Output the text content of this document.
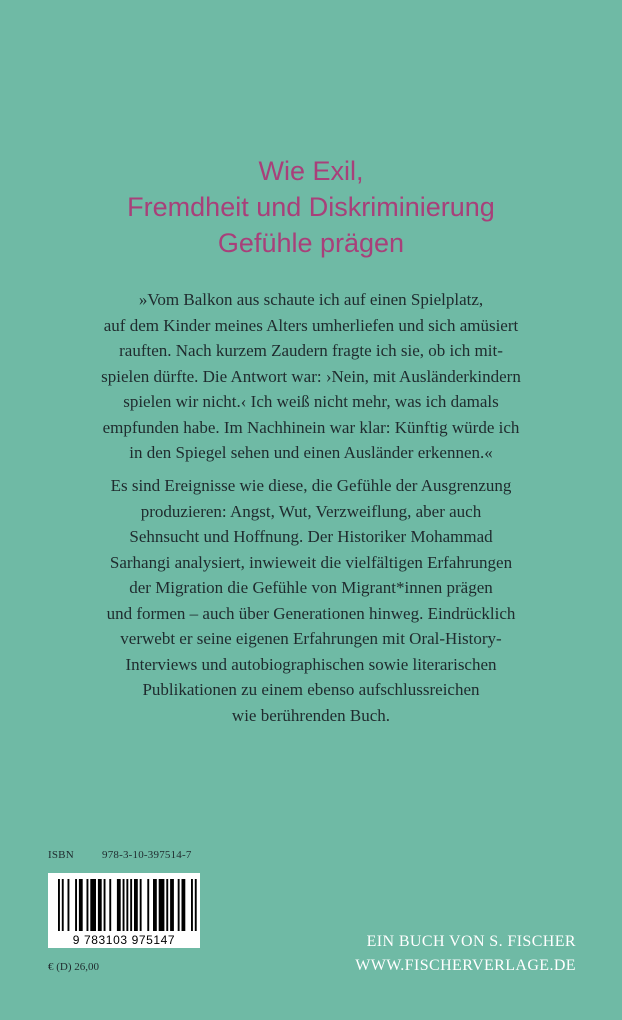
Wie Exil,
Fremdheit und Diskriminierung
Gefühle prägen
»Vom Balkon aus schaute ich auf einen Spielplatz,
auf dem Kinder meines Alters umherliefen und sich amüsiert
rauften. Nach kurzem Zaudern fragte ich sie, ob ich mit-
spielen dürfte. Die Antwort war: ›Nein, mit Ausländerkindern
spielen wir nicht.‹ Ich weiß nicht mehr, was ich damals
empfunden habe. Im Nachhinein war klar: Künftig würde ich
in den Spiegel sehen und einen Ausländer erkennen.«
Es sind Ereignisse wie diese, die Gefühle der Ausgrenzung
produzieren: Angst, Wut, Verzweiflung, aber auch
Sehnsucht und Hoffnung. Der Historiker Mohammad
Sarhangi analysiert, inwieweit die vielfältigen Erfahrungen
der Migration die Gefühle von Migrant*innen prägen
und formen – auch über Generationen hinweg. Eindrücklich
verwebt er seine eigenen Erfahrungen mit Oral-History-
Interviews und autobiographischen sowie literarischen
Publikationen zu einem ebenso aufschlussreichen
wie berührenden Buch.
ISBN	978-3-10-397514-7
9 783103 975147
€ (D) 26,00
EIN BUCH VON S. FISCHER
WWW.FISCHERVERLAGE.DE
